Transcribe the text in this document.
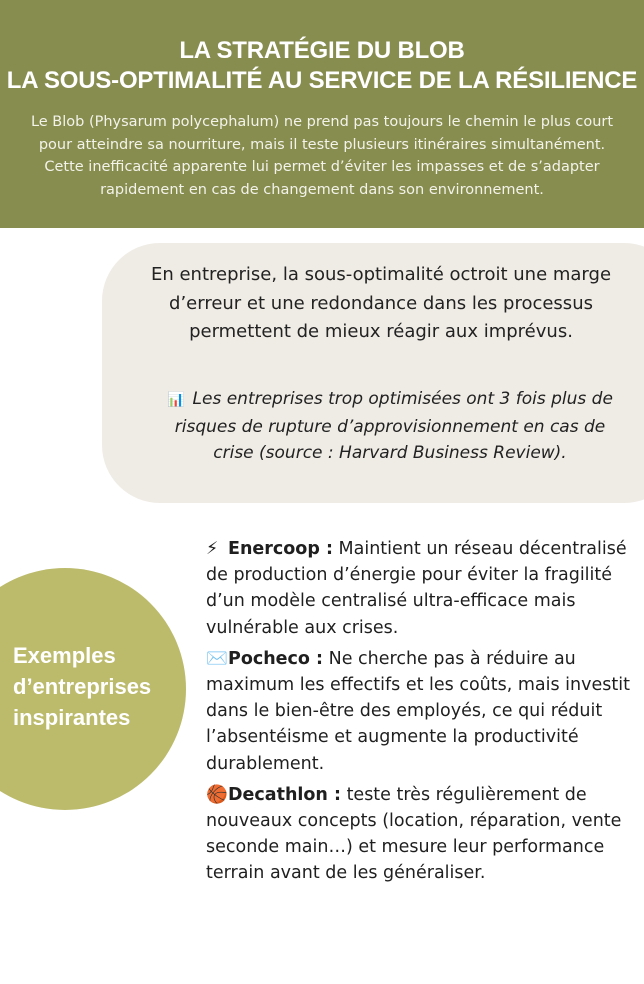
LA STRATÉGIE DU BLOB
LA SOUS-OPTIMALITÉ AU SERVICE DE LA RÉSILIENCE
Le Blob (Physarum polycephalum) ne prend pas toujours le chemin le plus court pour atteindre sa nourriture, mais il teste plusieurs itinéraires simultanément. Cette inefficacité apparente lui permet d’éviter les impasses et de s’adapter rapidement en cas de changement dans son environnement.
En entreprise, la sous-optimalité octroit une marge d’erreur et une redondance dans les processus permettent de mieux réagir aux imprévus.
📊 Les entreprises trop optimisées ont 3 fois plus de risques de rupture d’approvisionnement en cas de crise (source : Harvard Business Review).
Exemples d’entreprises inspirantes

⚡ Enercoop : Maintient un réseau décentralisé de production d’énergie pour éviter la fragilité d’un modèle centralisé ultra-efficace mais vulnérable aux crises.

✉️Pocheco : Ne cherche pas à réduire au maximum les effectifs et les coûts, mais investit dans le bien-être des employés, ce qui réduit l’absentéisme et augmente la productivité durablement.

🏀Decathlon : teste très régulièrement de nouveaux concepts (location, réparation, vente seconde main…) et mesure leur performance terrain avant de les généraliser.
